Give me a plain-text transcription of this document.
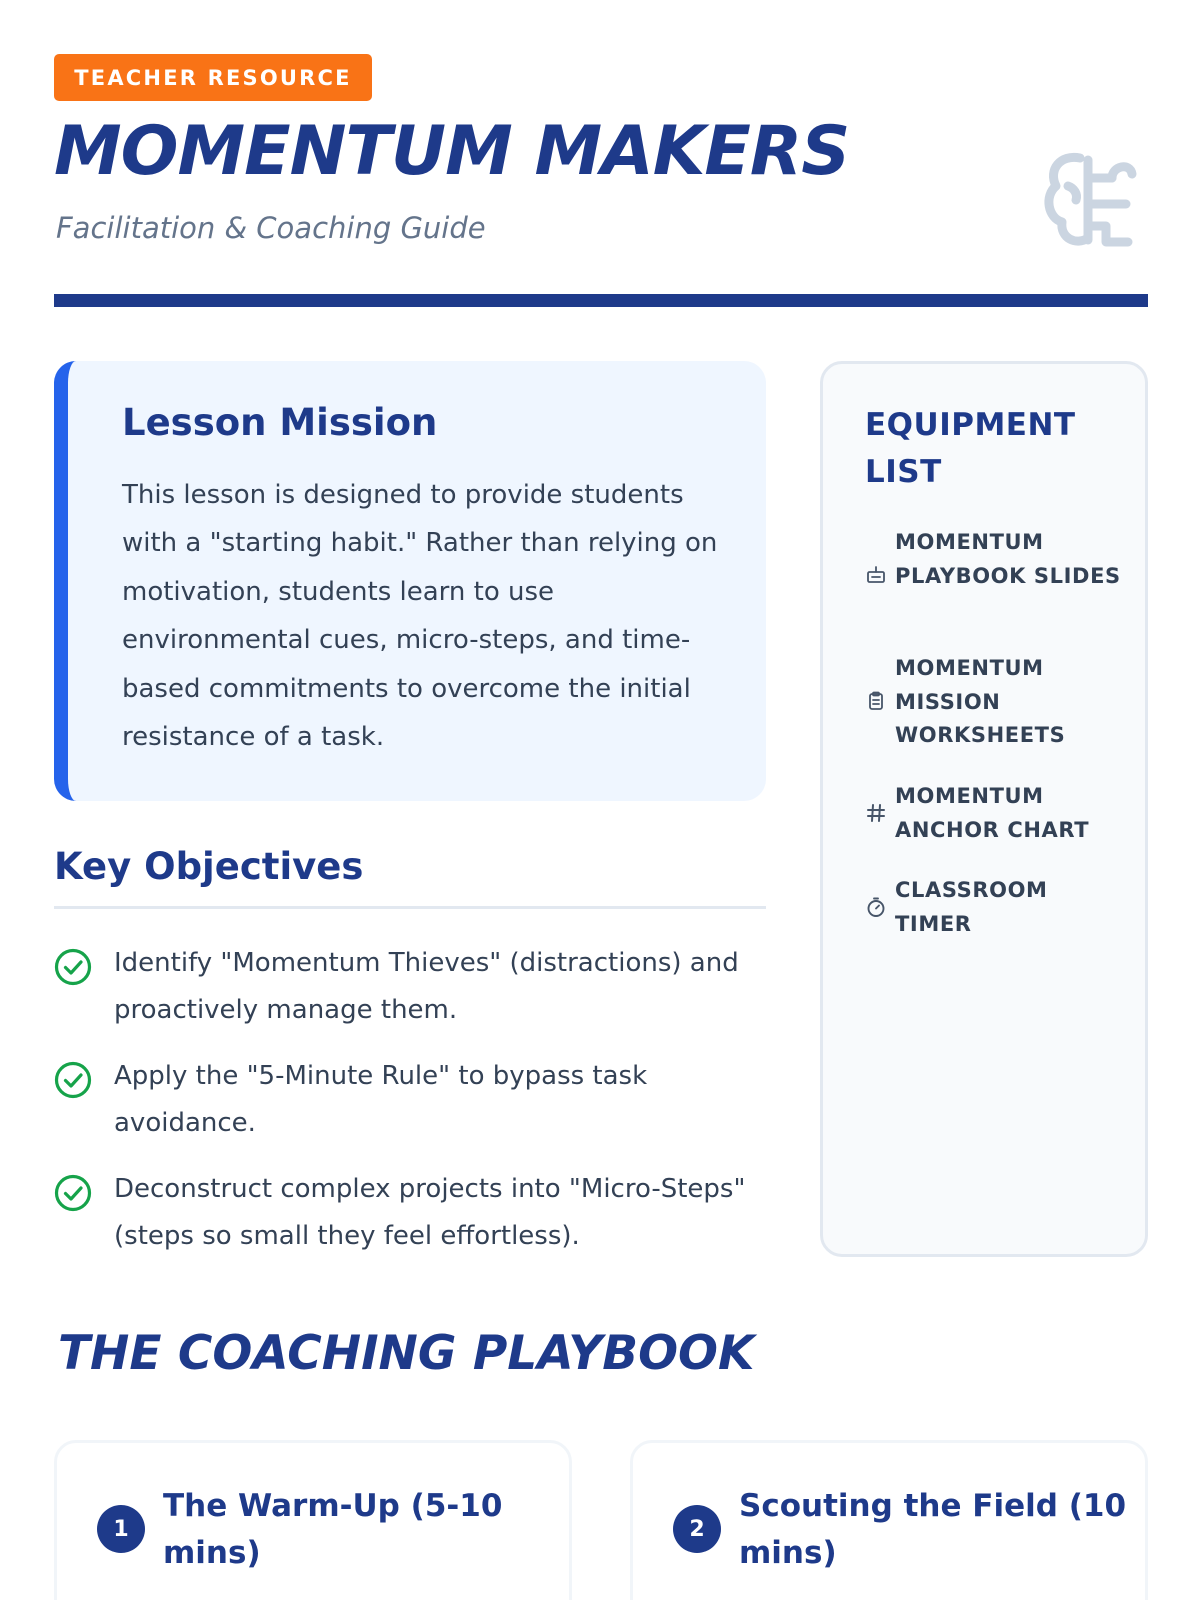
TEACHER RESOURCE
MOMENTUM MAKERS
Facilitation & Coaching Guide
Lesson Mission
This lesson is designed to provide students with a "starting habit." Rather than relying on motivation, students learn to use environmental cues, micro-steps, and time-based commitments to overcome the initial resistance of a task.
Key Objectives
Identify "Momentum Thieves" (distractions) and proactively manage them.
Apply the "5-Minute Rule" to bypass task avoidance.
Deconstruct complex projects into "Micro-Steps" (steps so small they feel effortless).
EQUIPMENT LIST
MOMENTUM PLAYBOOK SLIDES
MOMENTUM MISSION WORKSHEETS
MOMENTUM ANCHOR CHART
CLASSROOM TIMER
THE COACHING PLAYBOOK
1
The Warm-Up (5-10 mins)
2
Scouting the Field (10 mins)
